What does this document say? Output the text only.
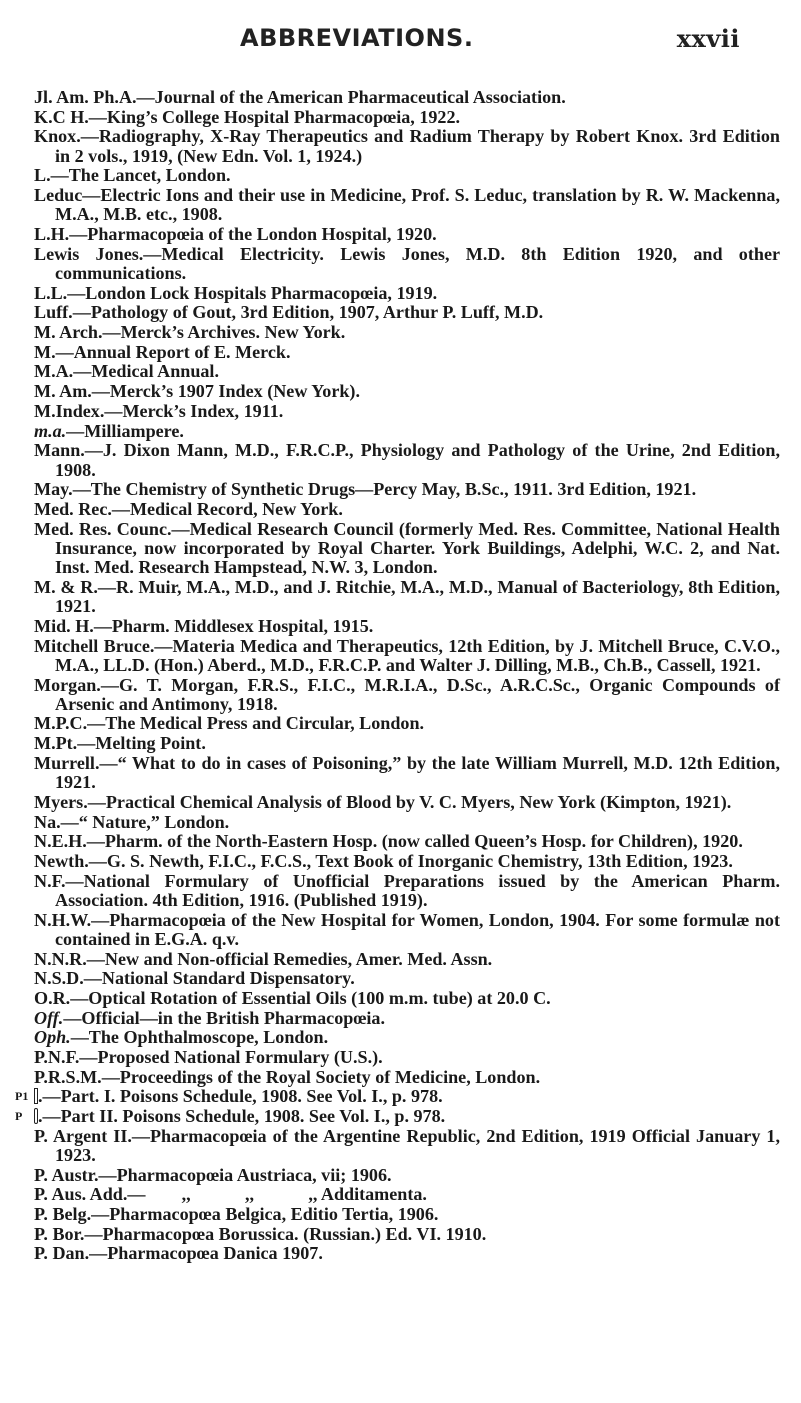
ABBREVIATIONS.	xxvii
Jl. Am. Ph.A.—Journal of the American Pharmaceutical Association.
K.C H.—King’s College Hospital Pharmacopœia, 1922.
Knox.—Radiography, X-Ray Therapeutics and Radium Therapy by Robert Knox. 3rd Edition in 2 vols., 1919, (New Edn. Vol. 1, 1924.)
L.—The Lancet, London.
Leduc—Electric Ions and their use in Medicine, Prof. S. Leduc, translation by R. W. Mackenna, M.A., M.B. etc., 1908.
L.H.—Pharmacopœia of the London Hospital, 1920.
Lewis Jones.—Medical Electricity. Lewis Jones, M.D. 8th Edition 1920, and other communications.
L.L.—London Lock Hospitals Pharmacopœia, 1919.
Luff.—Pathology of Gout, 3rd Edition, 1907, Arthur P. Luff, M.D.
M. Arch.—Merck’s Archives. New York.
M.—Annual Report of E. Merck.
M.A.—Medical Annual.
M. Am.—Merck’s 1907 Index (New York).
M.Index.—Merck’s Index, 1911.
m.a.—Milliampere.
Mann.—J. Dixon Mann, M.D., F.R.C.P., Physiology and Pathology of the Urine, 2nd Edition, 1908.
May.—The Chemistry of Synthetic Drugs—Percy May, B.Sc., 1911. 3rd Edition, 1921.
Med. Rec.—Medical Record, New York.
Med. Res. Counc.—Medical Research Council (formerly Med. Res. Committee, National Health Insurance, now incorporated by Royal Charter. York Buildings, Adelphi, W.C. 2, and Nat. Inst. Med. Research Hampstead, N.W. 3, London.
M. & R.—R. Muir, M.A., M.D., and J. Ritchie, M.A., M.D., Manual of Bacteriology, 8th Edition, 1921.
Mid. H.—Pharm. Middlesex Hospital, 1915.
Mitchell Bruce.—Materia Medica and Therapeutics, 12th Edition, by J. Mitchell Bruce, C.V.O., M.A., LL.D. (Hon.) Aberd., M.D., F.R.C.P. and Walter J. Dilling, M.B., Ch.B., Cassell, 1921.
Morgan.—G. T. Morgan, F.R.S., F.I.C., M.R.I.A., D.Sc., A.R.C.Sc., Organic Compounds of Arsenic and Antimony, 1918.
M.P.C.—The Medical Press and Circular, London.
M.Pt.—Melting Point.
Murrell.—“ What to do in cases of Poisoning,” by the late William Murrell, M.D. 12th Edition, 1921.
Myers.—Practical Chemical Analysis of Blood by V. C. Myers, New York (Kimpton, 1921).
Na.—“ Nature,” London.
N.E.H.—Pharm. of the North-Eastern Hosp. (now called Queen’s Hosp. for Children), 1920.
Newth.—G. S. Newth, F.I.C., F.C.S., Text Book of Inorganic Chemistry, 13th Edition, 1923.
N.F.—National Formulary of Unofficial Preparations issued by the American Pharm. Association. 4th Edition, 1916. (Published 1919).
N.H.W.—Pharmacopœia of the New Hospital for Women, London, 1904. For some formulæ not contained in E.G.A. q.v.
N.N.R.—New and Non-official Remedies, Amer. Med. Assn.
N.S.D.—National Standard Dispensatory.
O.R.—Optical Rotation of Essential Oils (100 m.m. tube) at 20.0 C.
Off.—Official—in the British Pharmacopœia.
Oph.—The Ophthalmoscope, London.
P.N.F.—Proposed National Formulary (U.S.).
P.R.S.M.—Proceedings of the Royal Society of Medicine, London.
P1 .—Part. I. Poisons Schedule, 1908. See Vol. I., p. 978.
P .—Part II. Poisons Schedule, 1908. See Vol. I., p. 978.
P. Argent II.—Pharmacopœia of the Argentine Republic, 2nd Edition, 1919 Official January 1, 1923.
P. Austr.—Pharmacopœia Austriaca, vii; 1906.
P. Aus. Add.—        ,,            ,,            ,, Additamenta.
P. Belg.—Pharmacopœa Belgica, Editio Tertia, 1906.
P. Bor.—Pharmacopœa Borussica. (Russian.) Ed. VI. 1910.
P. Dan.—Pharmacopœa Danica 1907.
